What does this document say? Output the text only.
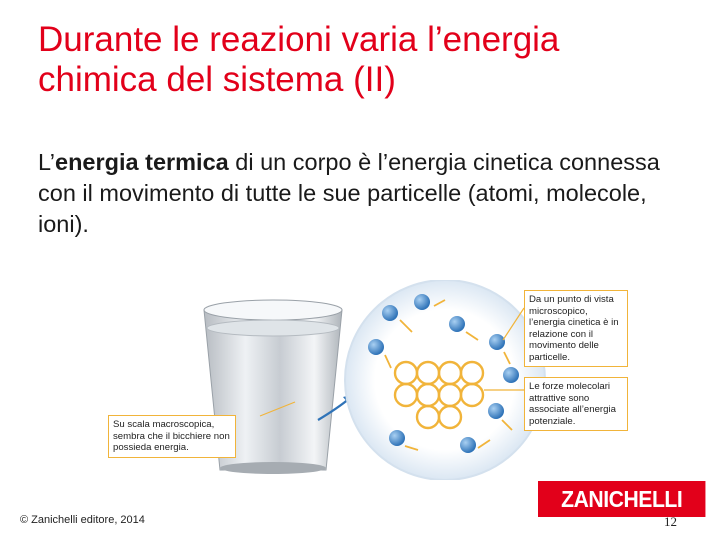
Durante le reazioni varia l’energia
chimica del sistema (II)
L’energia termica di un corpo è l’energia cinetica connessa con il movimento di tutte le sue particelle (atomi, molecole, ioni).
Su scala macroscopica, sembra che il bicchiere non possieda energia.
Da un punto di vista microscopico, l’energia cinetica è in relazione con il movimento delle particelle.
Le forze molecolari attrattive sono associate all’energia potenziale.
© Zanichelli editore, 2014
ZANICHELLI
12
